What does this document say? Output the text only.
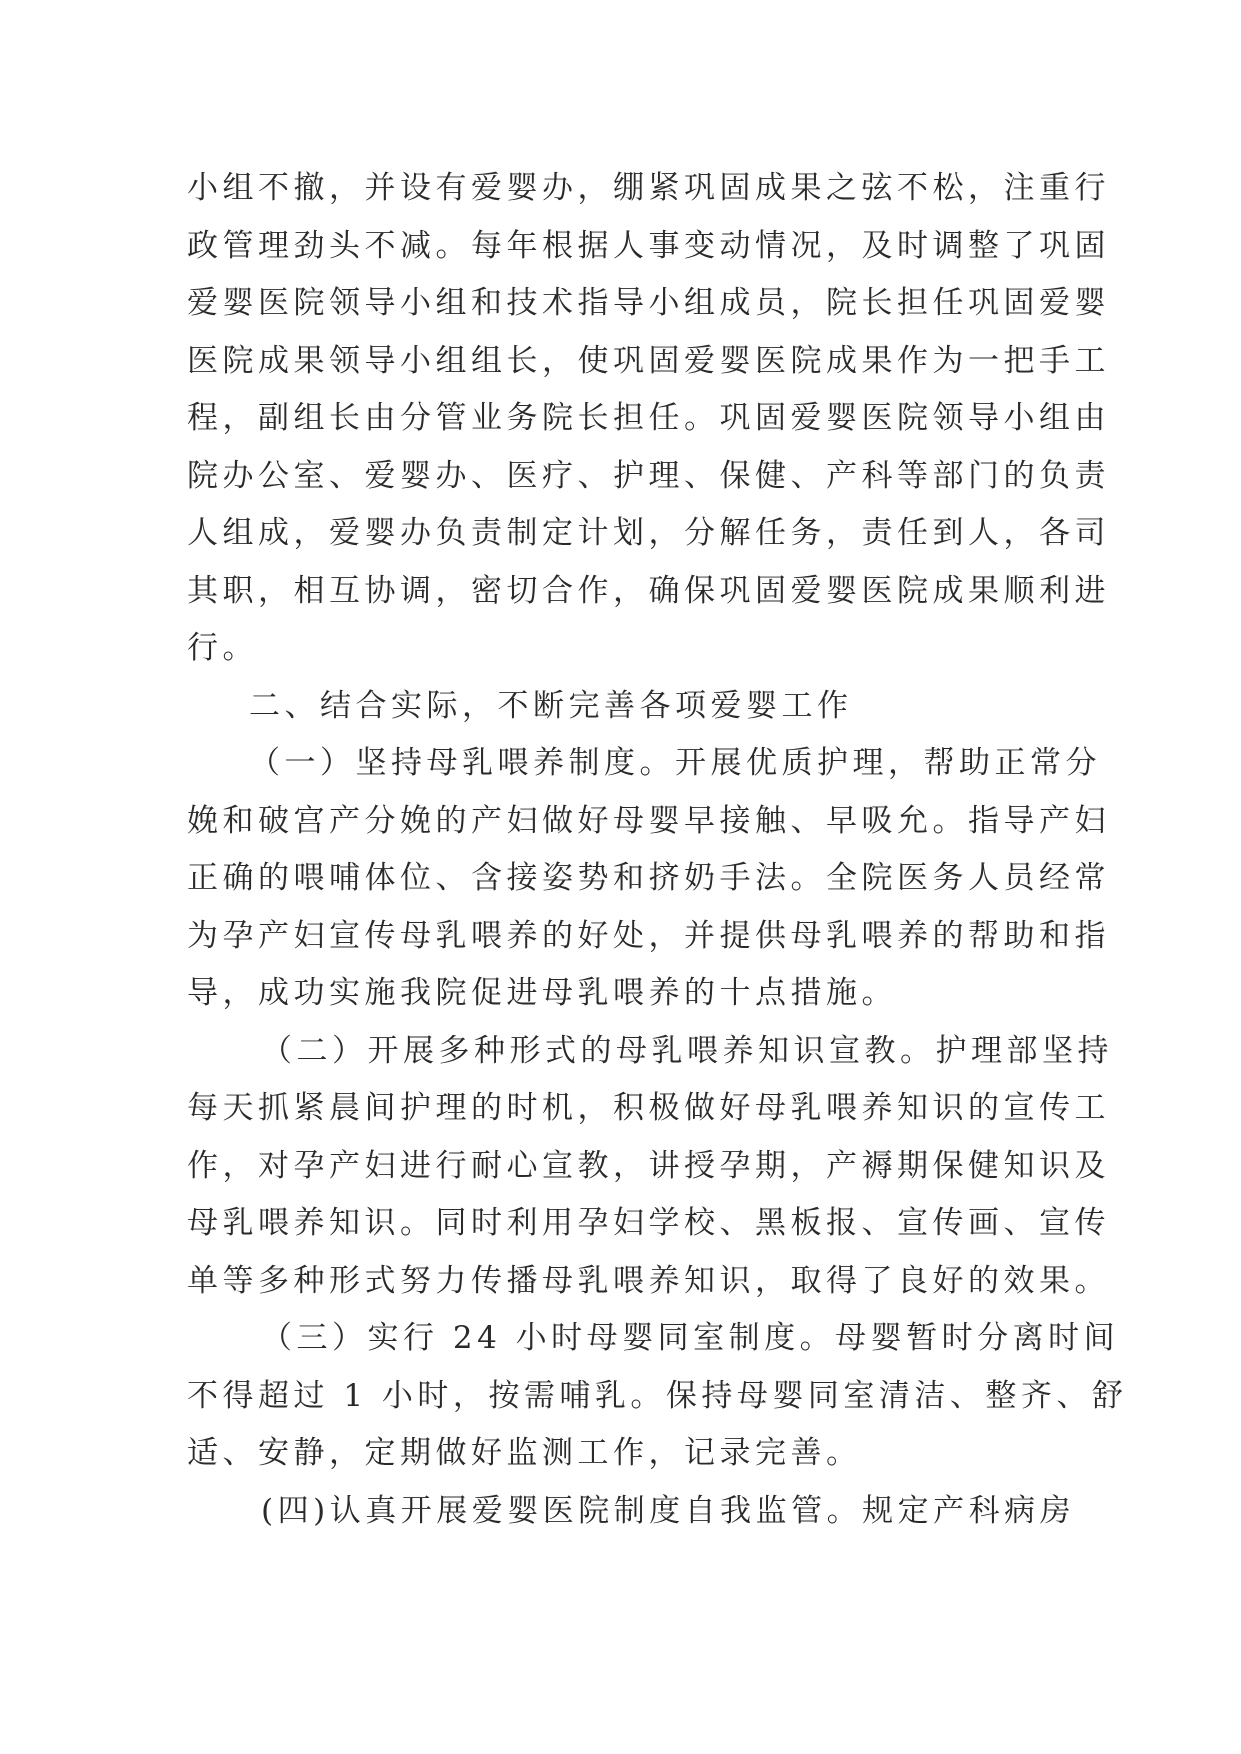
小组不撤，并设有爱婴办，绷紧巩固成果之弦不松，注重行
政管理劲头不减。每年根据人事变动情况，及时调整了巩固
爱婴医院领导小组和技术指导小组成员，院长担任巩固爱婴
医院成果领导小组组长，使巩固爱婴医院成果作为一把手工
程，副组长由分管业务院长担任。巩固爱婴医院领导小组由
院办公室、爱婴办、医疗、护理、保健、产科等部门的负责
人组成，爱婴办负责制定计划，分解任务，责任到人，各司
其职，相互协调，密切合作，确保巩固爱婴医院成果顺利进
行。
二、结合实际，不断完善各项爱婴工作
（一）坚持母乳喂养制度。开展优质护理，帮助正常分
娩和破宫产分娩的产妇做好母婴早接触、早吸允。指导产妇
正确的喂哺体位、含接姿势和挤奶手法。全院医务人员经常
为孕产妇宣传母乳喂养的好处，并提供母乳喂养的帮助和指
导，成功实施我院促进母乳喂养的十点措施。
（二）开展多种形式的母乳喂养知识宣教。护理部坚持
每天抓紧晨间护理的时机，积极做好母乳喂养知识的宣传工
作，对孕产妇进行耐心宣教，讲授孕期，产褥期保健知识及
母乳喂养知识。同时利用孕妇学校、黑板报、宣传画、宣传
单等多种形式努力传播母乳喂养知识，取得了良好的效果。
（三）实行 24 小时母婴同室制度。母婴暂时分离时间
不得超过 1 小时，按需哺乳。保持母婴同室清洁、整齐、舒
适、安静，定期做好监测工作，记录完善。
(四)认真开展爱婴医院制度自我监管。规定产科病房
